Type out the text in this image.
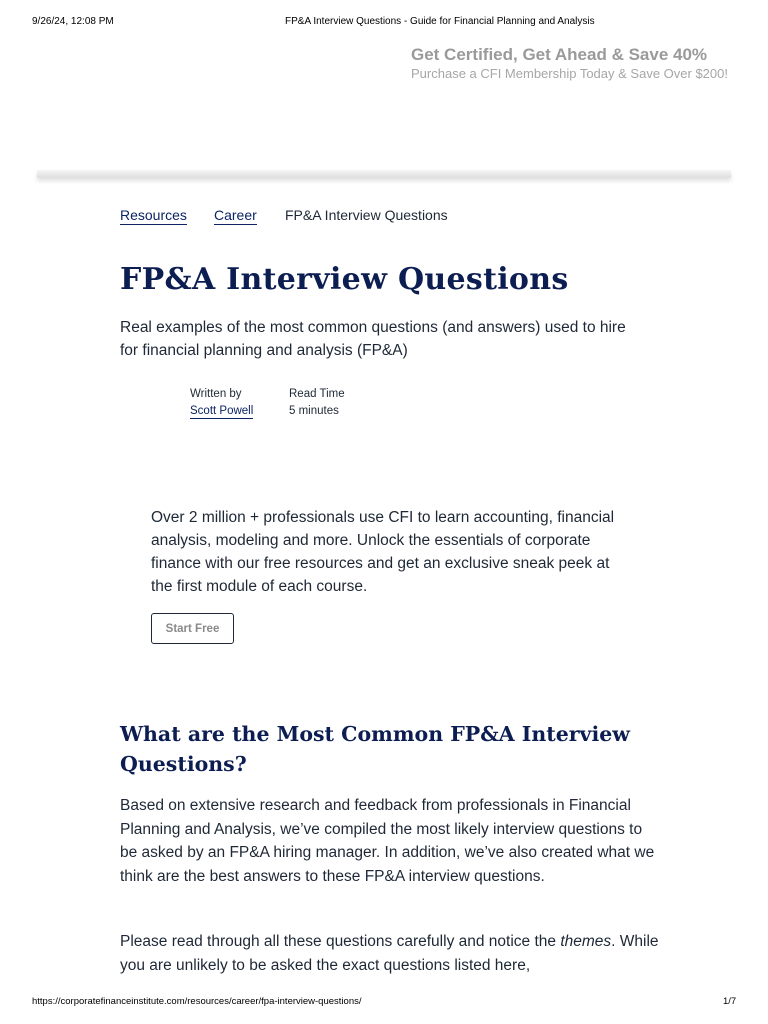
9/26/24, 12:08 PM	FP&A Interview Questions - Guide for Financial Planning and Analysis
Get Certified, Get Ahead & Save 40%
Purchase a CFI Membership Today & Save Over $200!
Resources Career FP&A Interview Questions
FP&A Interview Questions

Real examples of the most common questions (and answers) used to hire for financial planning and analysis (FP&A)

Written by
Scott Powell
Read Time
5 minutes

Over 2 million + professionals use CFI to learn accounting, financial analysis, modeling and more. Unlock the essentials of corporate finance with our free resources and get an exclusive sneak peek at the first module of each course.

Start Free
What are the Most Common FP&A Interview Questions?

Based on extensive research and feedback from professionals in Financial Planning and Analysis, we’ve compiled the most likely interview questions to be asked by an FP&A hiring manager. In addition, we’ve also created what we think are the best answers to these FP&A interview questions.

Please read through all these questions carefully and notice the themes. While you are unlikely to be asked the exact questions listed here,

https://corporatefinanceinstitute.com/resources/career/fpa-interview-questions/	1/7
